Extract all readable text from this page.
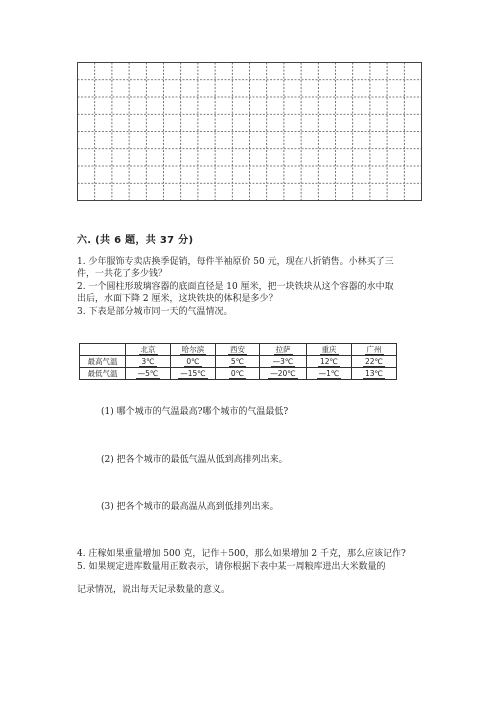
六. (共 6 题，共 37 分)
1. 少年服饰专卖店换季促销，每件半袖原价 50 元，现在八折销售。小林买了三
件，一共花了多少钱？
2. 一个圆柱形玻璃容器的底面直径是 10 厘米，把一块铁块从这个容器的水中取
出后，水面下降 2 厘米，这块铁块的体积是多少？
3. 下表是部分城市同一天的气温情况。
	北京	哈尔滨	西安	拉萨	重庆	广州
最高气温	3℃	0℃	5℃	—3℃	12℃	22℃
最低气温	—5℃	—15℃	0℃	—20℃	—1℃	13℃
(1) 哪个城市的气温最高?哪个城市的气温最低?
(2) 把各个城市的最低气温从低到高排列出来。
(3) 把各个城市的最高温从高到低排列出来。
4. 庄稼如果重量增加 500 克，记作＋500，那么如果增加 2 千克，那么应该记作?
5. 如果规定进库数量用正数表示，请你根据下表中某一周粮库进出大米数量的
记录情况，说出每天记录数量的意义。
